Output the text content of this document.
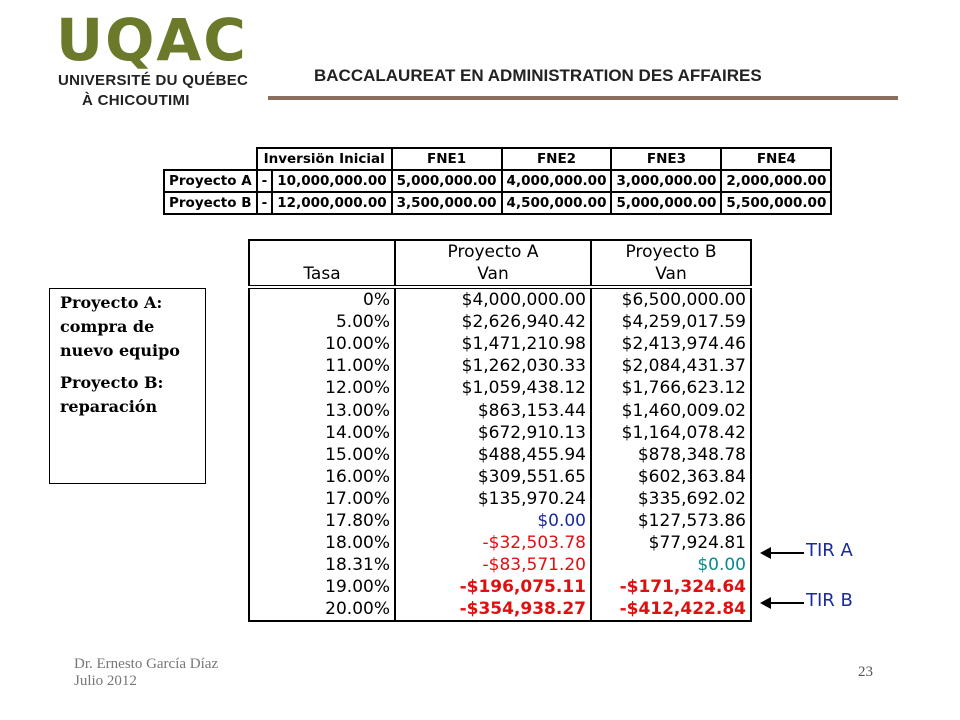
UQAC
UNIVERSITÉ DU QUÉBEC
À CHICOUTIMI
BACCALAUREAT EN ADMINISTRATION DES AFFAIRES
	Inversiön Inicial		FNE1	FNE2	FNE3	FNE4
Proyecto A	-	10,000,000.00	5,000,000.00	4,000,000.00	3,000,000.00	2,000,000.00
Proyecto B	-	12,000,000.00	3,500,000.00	4,500,000.00	5,000,000.00	5,500,000.00
	Proyecto A	Proyecto B
Tasa	Van	Van
0%	$4,000,000.00	$6,500,000.00
5.00%	$2,626,940.42	$4,259,017.59
10.00%	$1,471,210.98	$2,413,974.46
11.00%	$1,262,030.33	$2,084,431.37
12.00%	$1,059,438.12	$1,766,623.12
13.00%	$863,153.44	$1,460,009.02
14.00%	$672,910.13	$1,164,078.42
15.00%	$488,455.94	$878,348.78
16.00%	$309,551.65	$602,363.84
17.00%	$135,970.24	$335,692.02
17.80%	$0.00	$127,573.86
18.00%	-$32,503.78	$77,924.81
18.31%	-$83,571.20	$0.00
19.00%	-$196,075.11	-$171,324.64
20.00%	-$354,938.27	-$412,422.84

Proyecto A: compra de nuevo equipo

Proyecto B: reparación

TIR A
TIR B
Dr. Ernesto García Díaz
Julio 2012
23
